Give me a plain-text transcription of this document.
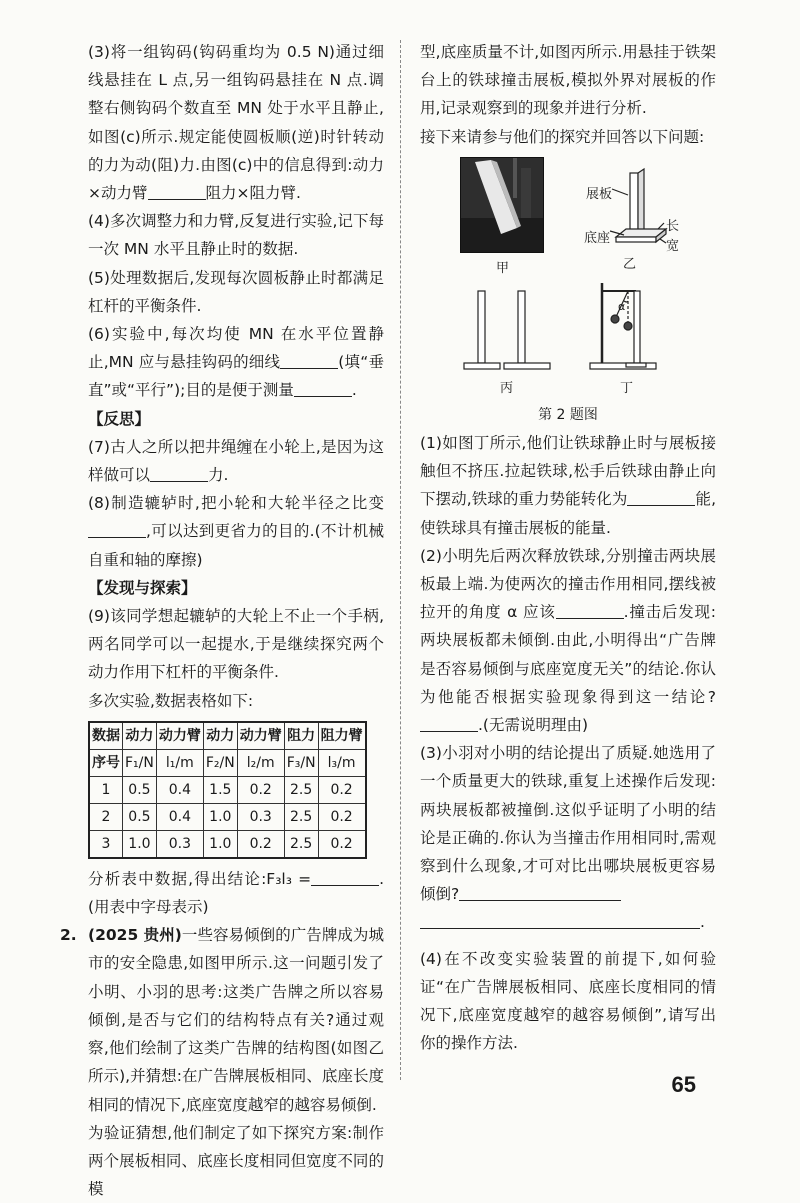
(3)将一组钩码(钩码重均为 0.5 N)通过细线悬挂在 L 点,另一组钩码悬挂在 N 点.调整右侧钩码个数直至 MN 处于水平且静止,如图(c)所示.规定能使圆板顺(逆)时针转动的力为动(阻)力.由图(c)中的信息得到:动力×动力臂	阻力×阻力臂.

(4)多次调整力和力臂,反复进行实验,记下每一次 MN 水平且静止时的数据.

(5)处理数据后,发现每次圆板静止时都满足杠杆的平衡条件.

(6)实验中,每次均使 MN 在水平位置静止,MN 应与悬挂钩码的细线	(填“垂直”或“平行”);目的是便于测量	.

【反思】

(7)古人之所以把井绳缠在小轮上,是因为这样做可以	力.

(8)制造辘轳时,把小轮和大轮半径之比变,可以达到更省力的目的.(不计机械自重和轴的摩擦)

【发现与探索】

(9)该同学想起辘轳的大轮上不止一个手柄,两名同学可以一起提水,于是继续探究两个动力作用下杠杆的平衡条件.

多次实验,数据表格如下:

数据	动力	动力臂	动力	动力臂	阻力	阻力臂
序号	F₁/N	l₁/m	F₂/N	l₂/m	F₃/N	l₃/m
1	0.5	0.4	1.5	0.2	2.5	0.2
2	0.5	0.4	1.0	0.3	2.5	0.2
3	1.0	0.3	1.0	0.2	2.5	0.2

分析表中数据,得出结论:F₃l₃ =	.(用表中字母表示)

2. (2025 贵州)一些容易倾倒的广告牌成为城市的安全隐患,如图甲所示.这一问题引发了小明、小羽的思考:这类广告牌之所以容易倾倒,是否与它们的结构特点有关?通过观察,他们绘制了这类广告牌的结构图(如图乙所示),并猜想:在广告牌展板相同、底座长度相同的情况下,底座宽度越窄的越容易倾倒.

为验证猜想,他们制定了如下探究方案:制作两个展板相同、底座长度相同但宽度不同的模

型,底座质量不计,如图丙所示.用悬挂于铁架台上的铁球撞击展板,模拟外界对展板的作用,记录观察到的现象并进行分析.

接下来请参与他们的探究并回答以下问题:

甲
展板
底座
长
宽
乙
丙	丁
α

第 2 题图

(1)如图丁所示,他们让铁球静止时与展板接触但不挤压.拉起铁球,松手后铁球由静止向下摆动,铁球的重力势能转化为	能,使铁球具有撞击展板的能量.

(2)小明先后两次释放铁球,分别撞击两块展板最上端.为使两次的撞击作用相同,摆线被拉开的角度 α 应该	.撞击后发现:两块展板都未倾倒.由此,小明得出“广告牌是否容易倾倒与底座宽度无关”的结论.你认为他能否根据实验现象得到这一结论?.(无需说明理由)

(3)小羽对小明的结论提出了质疑.她选用了一个质量更大的铁球,重复上述操作后发现:两块展板都被撞倒.这似乎证明了小明的结论是正确的.你认为当撞击作用相同时,需观察到什么现象,才可对比出哪块展板更容易倾倒?
.

(4)在不改变实验装置的前提下,如何验证“在广告牌展板相同、底座长度相同的情况下,底座宽度越窄的越容易倾倒”,请写出你的操作方法.

65
